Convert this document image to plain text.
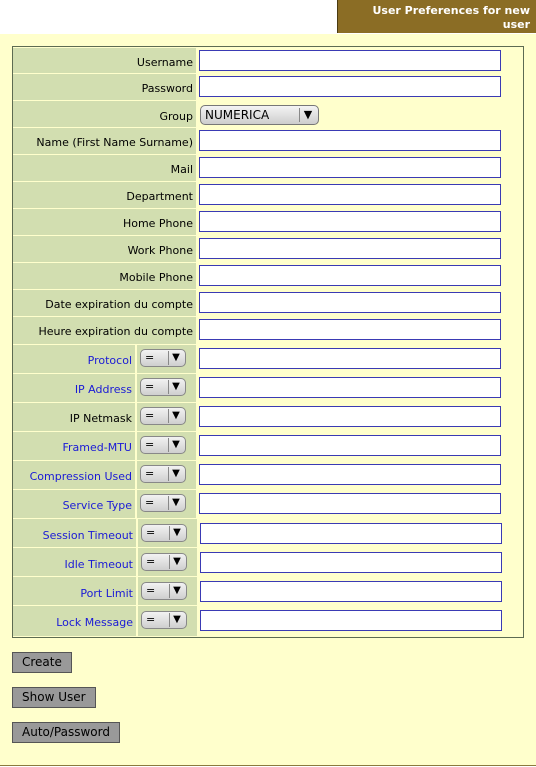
User Preferences for new user
Username
Password
Group	NUMERICA	▼
Name (First Name Surname)
Mail
Department
Home Phone
Work Phone
Mobile Phone
Date expiration du compte
Heure expiration du compte
Protocol	=	▼
IP Address	=	▼
IP Netmask	=	▼
Framed-MTU	=	▼
Compression Used	=	▼
Service Type	=	▼
Session Timeout	=	▼
Idle Timeout	=	▼
Port Limit	=	▼
Lock Message	=	▼
Create
Show User
Auto/Password
